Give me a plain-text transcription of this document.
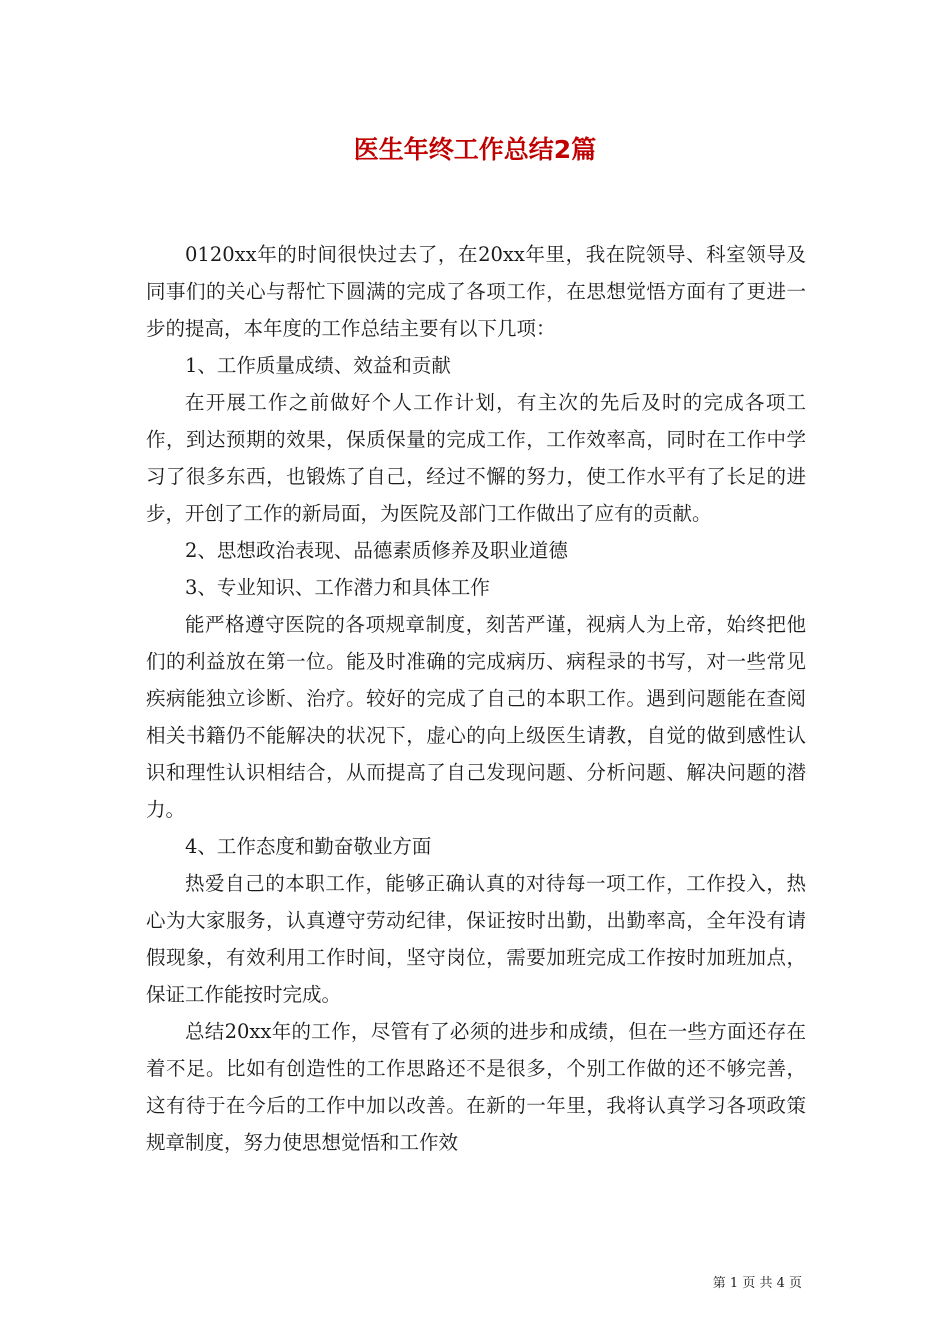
医生年终工作总结2篇

0120xx年的时间很快过去了，在20xx年里，我在院领导、科室领导及同事们的关心与帮忙下圆满的完成了各项工作，在思想觉悟方面有了更进一步的提高，本年度的工作总结主要有以下几项：

1、工作质量成绩、效益和贡献

在开展工作之前做好个人工作计划，有主次的先后及时的完成各项工作，到达预期的效果，保质保量的完成工作，工作效率高，同时在工作中学习了很多东西，也锻炼了自己，经过不懈的努力，使工作水平有了长足的进步，开创了工作的新局面，为医院及部门工作做出了应有的贡献。

2、思想政治表现、品德素质修养及职业道德

3、专业知识、工作潜力和具体工作

能严格遵守医院的各项规章制度，刻苦严谨，视病人为上帝，始终把他们的利益放在第一位。能及时准确的完成病历、病程录的书写，对一些常见疾病能独立诊断、治疗。较好的完成了自己的本职工作。遇到问题能在查阅相关书籍仍不能解决的状况下，虚心的向上级医生请教，自觉的做到感性认识和理性认识相结合，从而提高了自己发现问题、分析问题、解决问题的潜力。

4、工作态度和勤奋敬业方面

热爱自己的本职工作，能够正确认真的对待每一项工作，工作投入，热心为大家服务，认真遵守劳动纪律，保证按时出勤，出勤率高，全年没有请假现象，有效利用工作时间，坚守岗位，需要加班完成工作按时加班加点，保证工作能按时完成。

总结20xx年的工作，尽管有了必须的进步和成绩，但在一些方面还存在着不足。比如有创造性的工作思路还不是很多，个别工作做的还不够完善，这有待于在今后的工作中加以改善。在新的一年里，我将认真学习各项政策规章制度，努力使思想觉悟和工作效

第 1 页 共 4 页
